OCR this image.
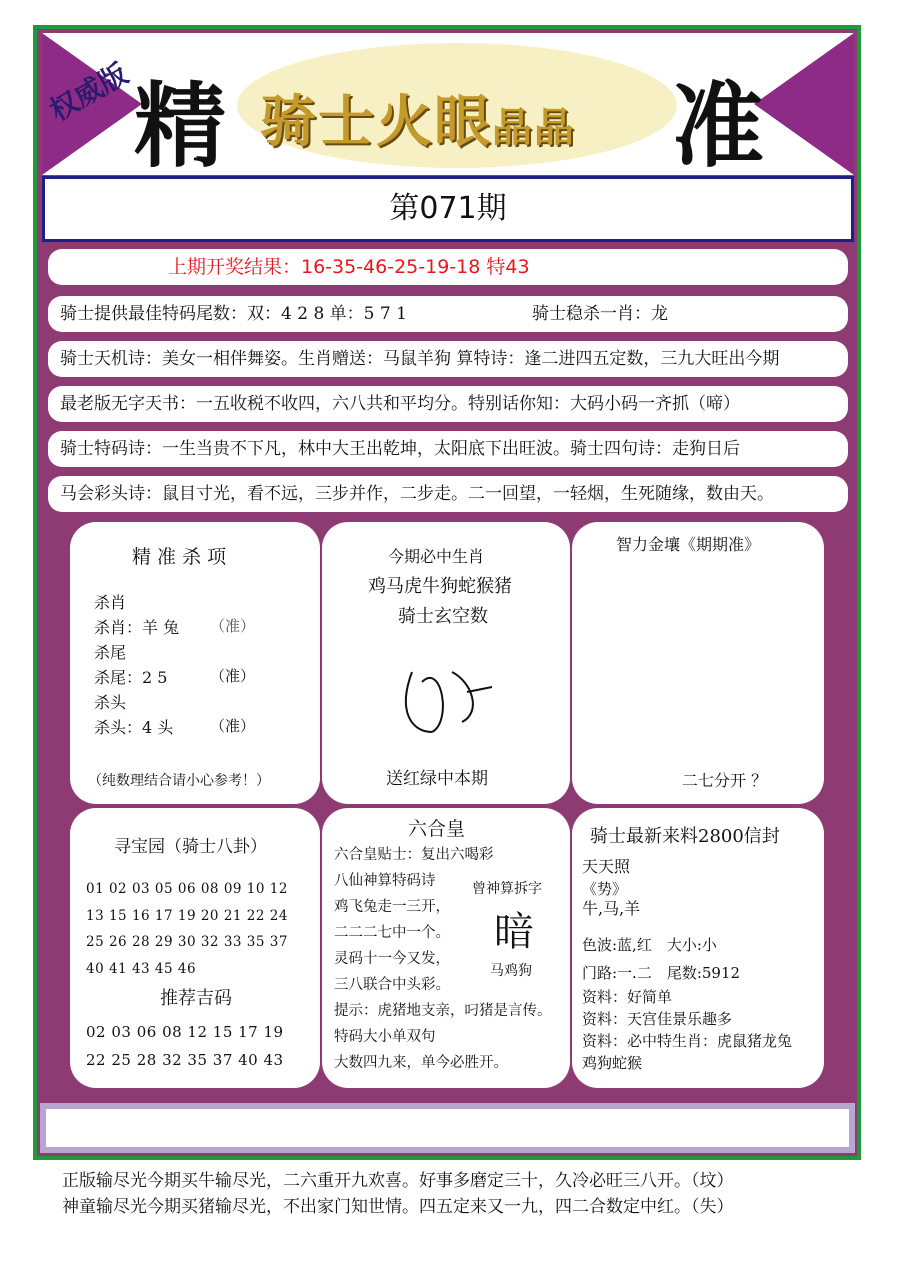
权威版 精 骑士火眼晶晶 准
第071期
上期开奖结果：16-35-46-25-19-18 特43
骑士提供最佳特码尾数：双：4 2 8 单：5 7 1	骑士稳杀一肖：龙
骑士天机诗：美女一相伴舞姿。生肖赠送：马鼠羊狗 算特诗：逢二进四五定数，三九大旺出今期
最老版无字天书：一五收税不收四，六八共和平均分。特别话你知：大码小码一齐抓（啼）
骑士特码诗：一生当贵不下凡，林中大王出乾坤，太阳底下出旺波。骑士四句诗：走狗日后
马会彩头诗：鼠目寸光，看不远，三步并作，二步走。二一回望，一轻烟，生死随缘，数由天。
精 准 杀 项
杀肖
杀肖：羊 兔 （准）
杀尾
杀尾：2 5	（准）
杀头
杀头：4 头 （准）
（纯数理结合请小心参考！）
今期必中生肖
鸡马虎牛狗蛇猴猪
骑士玄空数
送红绿中本期
智力金壤《期期准》
二七分开 ？
寻宝园（骑士八卦）
01 02 03 05 06 08 09 10 12
13 15 16 17 19 20 21 22 24
25 26 28 29 30 32 33 35 37
40 41 43 45 46
推荐吉码
02 03 06 08 12 15 17 19
22 25 28 32 35 37 40 43
六合皇
六合皇贴士：复出六喝彩
八仙神算特码诗
鸡飞兔走一三开，
二二二七中一个。
灵码十一今又发，
三八联合中头彩。
提示：虎猪地支亲，叼猪是言传。
特码大小单双句
大数四九来，单今必胜开。
曾神算拆字
暗
马鸡狗
骑士最新来料2800信封
天天照
《势》
牛,马,羊
色波:蓝,红　大小:小
门路:一.二　尾数:5912
资料：好简单
资料：天宫佳景乐趣多
资料：必中特生肖：虎鼠猪龙兔
鸡狗蛇猴
正版输尽光今期买牛输尽光，二六重开九欢喜。好事多磨定三十，久冷必旺三八开。（坟）
神童输尽光今期买猪输尽光，不出家门知世情。四五定来又一九，四二合数定中红。（失）
